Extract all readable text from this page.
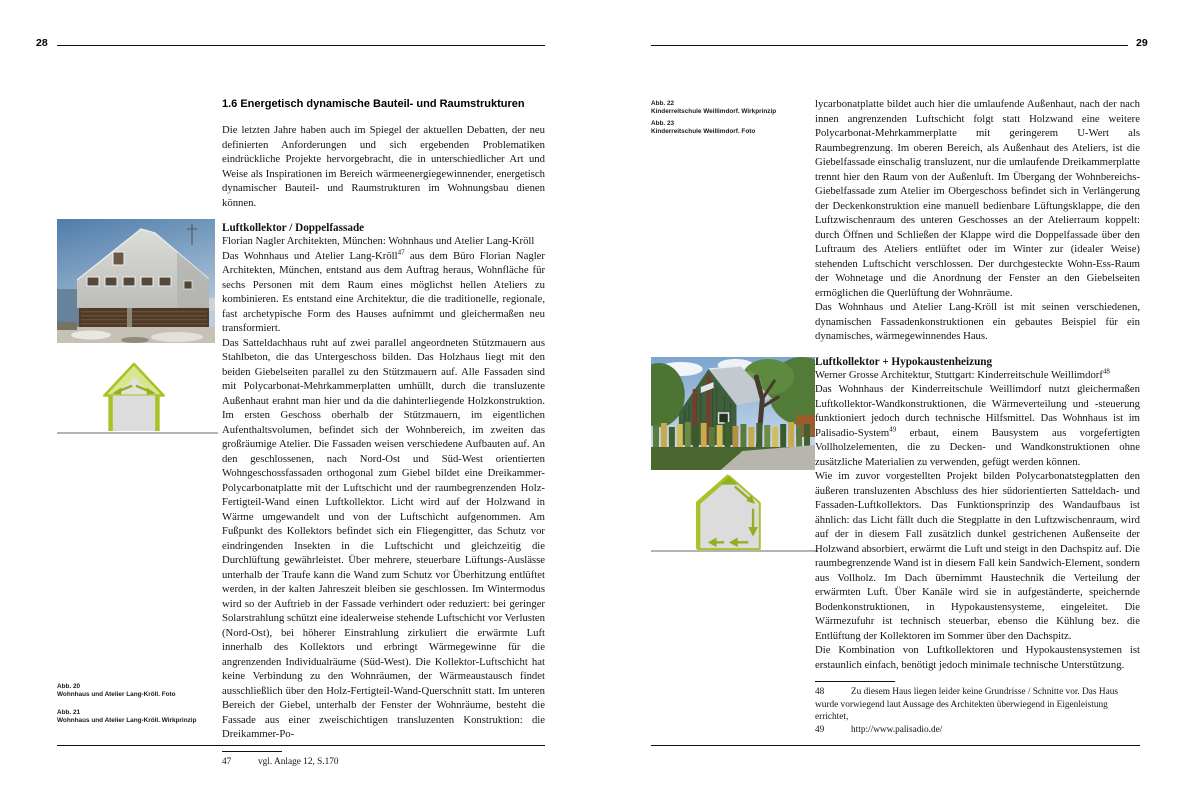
28
Abb. 20
Wohnhaus und Atelier Lang-Kröll. Foto
Abb. 21
Wohnhaus und Atelier Lang-Kröll. Wirkprinzip
1.6 Energetisch dynamische Bauteil- und Raumstrukturen

Die letzten Jahre haben auch im Spiegel der aktuellen Debatten, der neu definierten Anforderungen und sich ergebenden Problematiken eindrückliche Projekte hervorgebracht, die in unterschiedlicher Art und Weise als Inspirationen im Bereich wärmeenergiegewinnender, energetisch dynamischer Bauteil- und Raumstrukturen im Wohnungsbau dienen können.

Luftkollektor / Doppelfassade
Florian Nagler Architekten, München: Wohnhaus und Atelier Lang-Kröll

Das Wohnhaus und Atelier Lang-Kröll$^{47}$ aus dem Büro Florian Nagler Architekten, München, entstand aus dem Auftrag heraus, Wohnfläche für sechs Personen mit dem Raum eines möglichst hellen Ateliers zu kombinieren. Es entstand eine Architektur, die die traditionelle, regionale, fast archetypische Form des Hauses aufnimmt und gleichermaßen neu transformiert.

Das Satteldachhaus ruht auf zwei parallel angeordneten Stützmauern aus Stahlbeton, die das Untergeschoss bilden. Das Holzhaus liegt mit den beiden Giebelseiten parallel zu den Stützmauern auf. Alle Fassaden sind mit Polycarbonat-Mehrkammerplatten umhüllt, durch die transluzente Außenhaut erahnt man hier und da die dahinterliegende Holzkonstruktion. Im ersten Geschoss oberhalb der Stützmauern, im eigentlichen Aufenthaltsvolumen, befindet sich der Wohnbereich, im zweiten das großräumige Atelier. Die Fassaden weisen verschiedene Aufbauten auf. An den geschlossenen, nach Nord-Ost und Süd-West orientierten Wohngeschossfassaden orthogonal zum Giebel bildet eine Dreikammer-Polycarbonatplatte mit der Luftschicht und der raumbegrenzenden Holz-Fertigteil-Wand einen Luftkollektor. Licht wird auf der Holzwand in Wärme umgewandelt und von der Luftschicht aufgenommen. Am Fußpunkt des Kollektors befindet sich ein Fliegengitter, das Schutz vor eindringenden Insekten in die Luftschicht und gleichzeitig die Durchlüftung gewährleistet. Über mehrere, steuerbare Lüftungs-Auslässe unterhalb der Traufe kann die Wand zum Schutz vor Überhitzung entlüftet werden, in der kalten Jahreszeit bleiben sie geschlossen. Im Wintermodus wird so der Auftrieb in der Fassade verhindert oder reduziert: bei geringer Solarstrahlung schützt eine idealerweise stehende Luftschicht vor Verlusten (Nord-Ost), bei höherer Einstrahlung zirkuliert die erwärmte Luft innerhalb des Kollektors und erbringt Wärmegewinne für die angrenzenden Individualräume (Süd-West). Die Kollektor-Luftschicht hat keine Verbindung zu den Wohnräumen, der Wärmeaustausch findet ausschließlich über den Holz-Fertigteil-Wand-Querschnitt statt. Im unteren Bereich der Giebel, unterhalb der Fenster der Wohnräume, besteht die Fassade aus einer zweischichtigen transluzenten Konstruktion: die Dreikammer-Po-

47	vgl. Anlage 12, S.170

29
Abb. 22
Kinderreitschule Weillimdorf. Wirkprinzip
Abb. 23
Kinderreitschule Weillimdorf. Foto

lycarbonatplatte bildet auch hier die umlaufende Außenhaut, nach der nach innen angrenzenden Luftschicht folgt statt Holzwand eine weitere Polycarbonat-Mehrkammerplatte mit geringerem U-Wert als Raumbegrenzung. Im oberen Bereich, als Außenhaut des Ateliers, ist die Giebelfassade einschalig transluzent, nur die umlaufende Dreikammerplatte trennt hier den Raum von der Außenluft. Im Übergang der Wohnbereichs-Giebelfassade zum Atelier im Obergeschoss befindet sich in Verlängerung der Deckenkonstruktion eine manuell bedienbare Lüftungsklappe, die den Luftzwischenraum des unteren Geschosses an der Atelierraum koppelt: durch Öffnen und Schließen der Klappe wird die Doppelfassade über den Luftraum des Ateliers entlüftet oder im Winter zur (idealer Weise) stehenden Luftschicht verschlossen. Der durchgesteckte Wohn-Ess-Raum der Wohnetage und die Anordnung der Fenster an den Giebelseiten ermöglichen die Querlüftung der Wohnräume.

Das Wohnhaus und Atelier Lang-Kröll ist mit seinen verschiedenen, dynamischen Fassadenkonstruktionen ein gebautes Beispiel für ein dynamisches, wärmegewinnendes Haus.

Luftkollektor + Hypokaustenheizung
Werner Grosse Architektur, Stuttgart: Kinderreitschule Weillimdorf$^{48}$

Das Wohnhaus der Kinderreitschule Weillimdorf nutzt gleichermaßen Luftkollektor-Wandkonstruktionen, die Wärmeverteilung und -steuerung funktioniert jedoch durch technische Hilfsmittel. Das Wohnhaus ist im Palisadio-System$^{49}$ erbaut, einem Bausystem aus vorgefertigten Vollholzelementen, die zu Decken- und Wandkonstruktionen ohne zusätzliche Materialien zu verwenden, gefügt werden können.

Wie im zuvor vorgestellten Projekt bilden Polycarbonatstegplatten den äußeren transluzenten Abschluss des hier südorientierten Satteldach- und Fassaden-Luftkollektors. Das Funktionsprinzip des Wandaufbaus ist ähnlich: das Licht fällt duch die Stegplatte in den Luftzwischenraum, wird auf der in diesem Fall zusätzlich dunkel gestrichenen Außenseite der Holzwand absorbiert, erwärmt die Luft und steigt in den Dachspitz auf. Die raumbegrenzende Wand ist in diesem Fall kein Sandwich-Element, sondern aus Vollholz. Im Dach übernimmt Haustechnik die Verteilung der erwärmten Luft. Über Kanäle wird sie in aufgeständerte, speichernde Bodenkonstruktionen, in Hypokaustensysteme, eingeleitet. Die Wärmezufuhr ist technisch steuerbar, ebenso die Kühlung bez. die Entlüftung der Kollektoren im Sommer über den Dachspitz.

Die Kombination von Luftkollektoren und Hypokaustensystemen ist erstaunlich einfach, benötigt jedoch minimale technische Unterstützung.

48	Zu diesem Haus liegen leider keine Grundrisse / Schnitte vor. Das Haus wurde vorwiegend laut Aussage des Architekten überwiegend in Eigenleistung errichtet,

49	http://www.palisadio.de/
